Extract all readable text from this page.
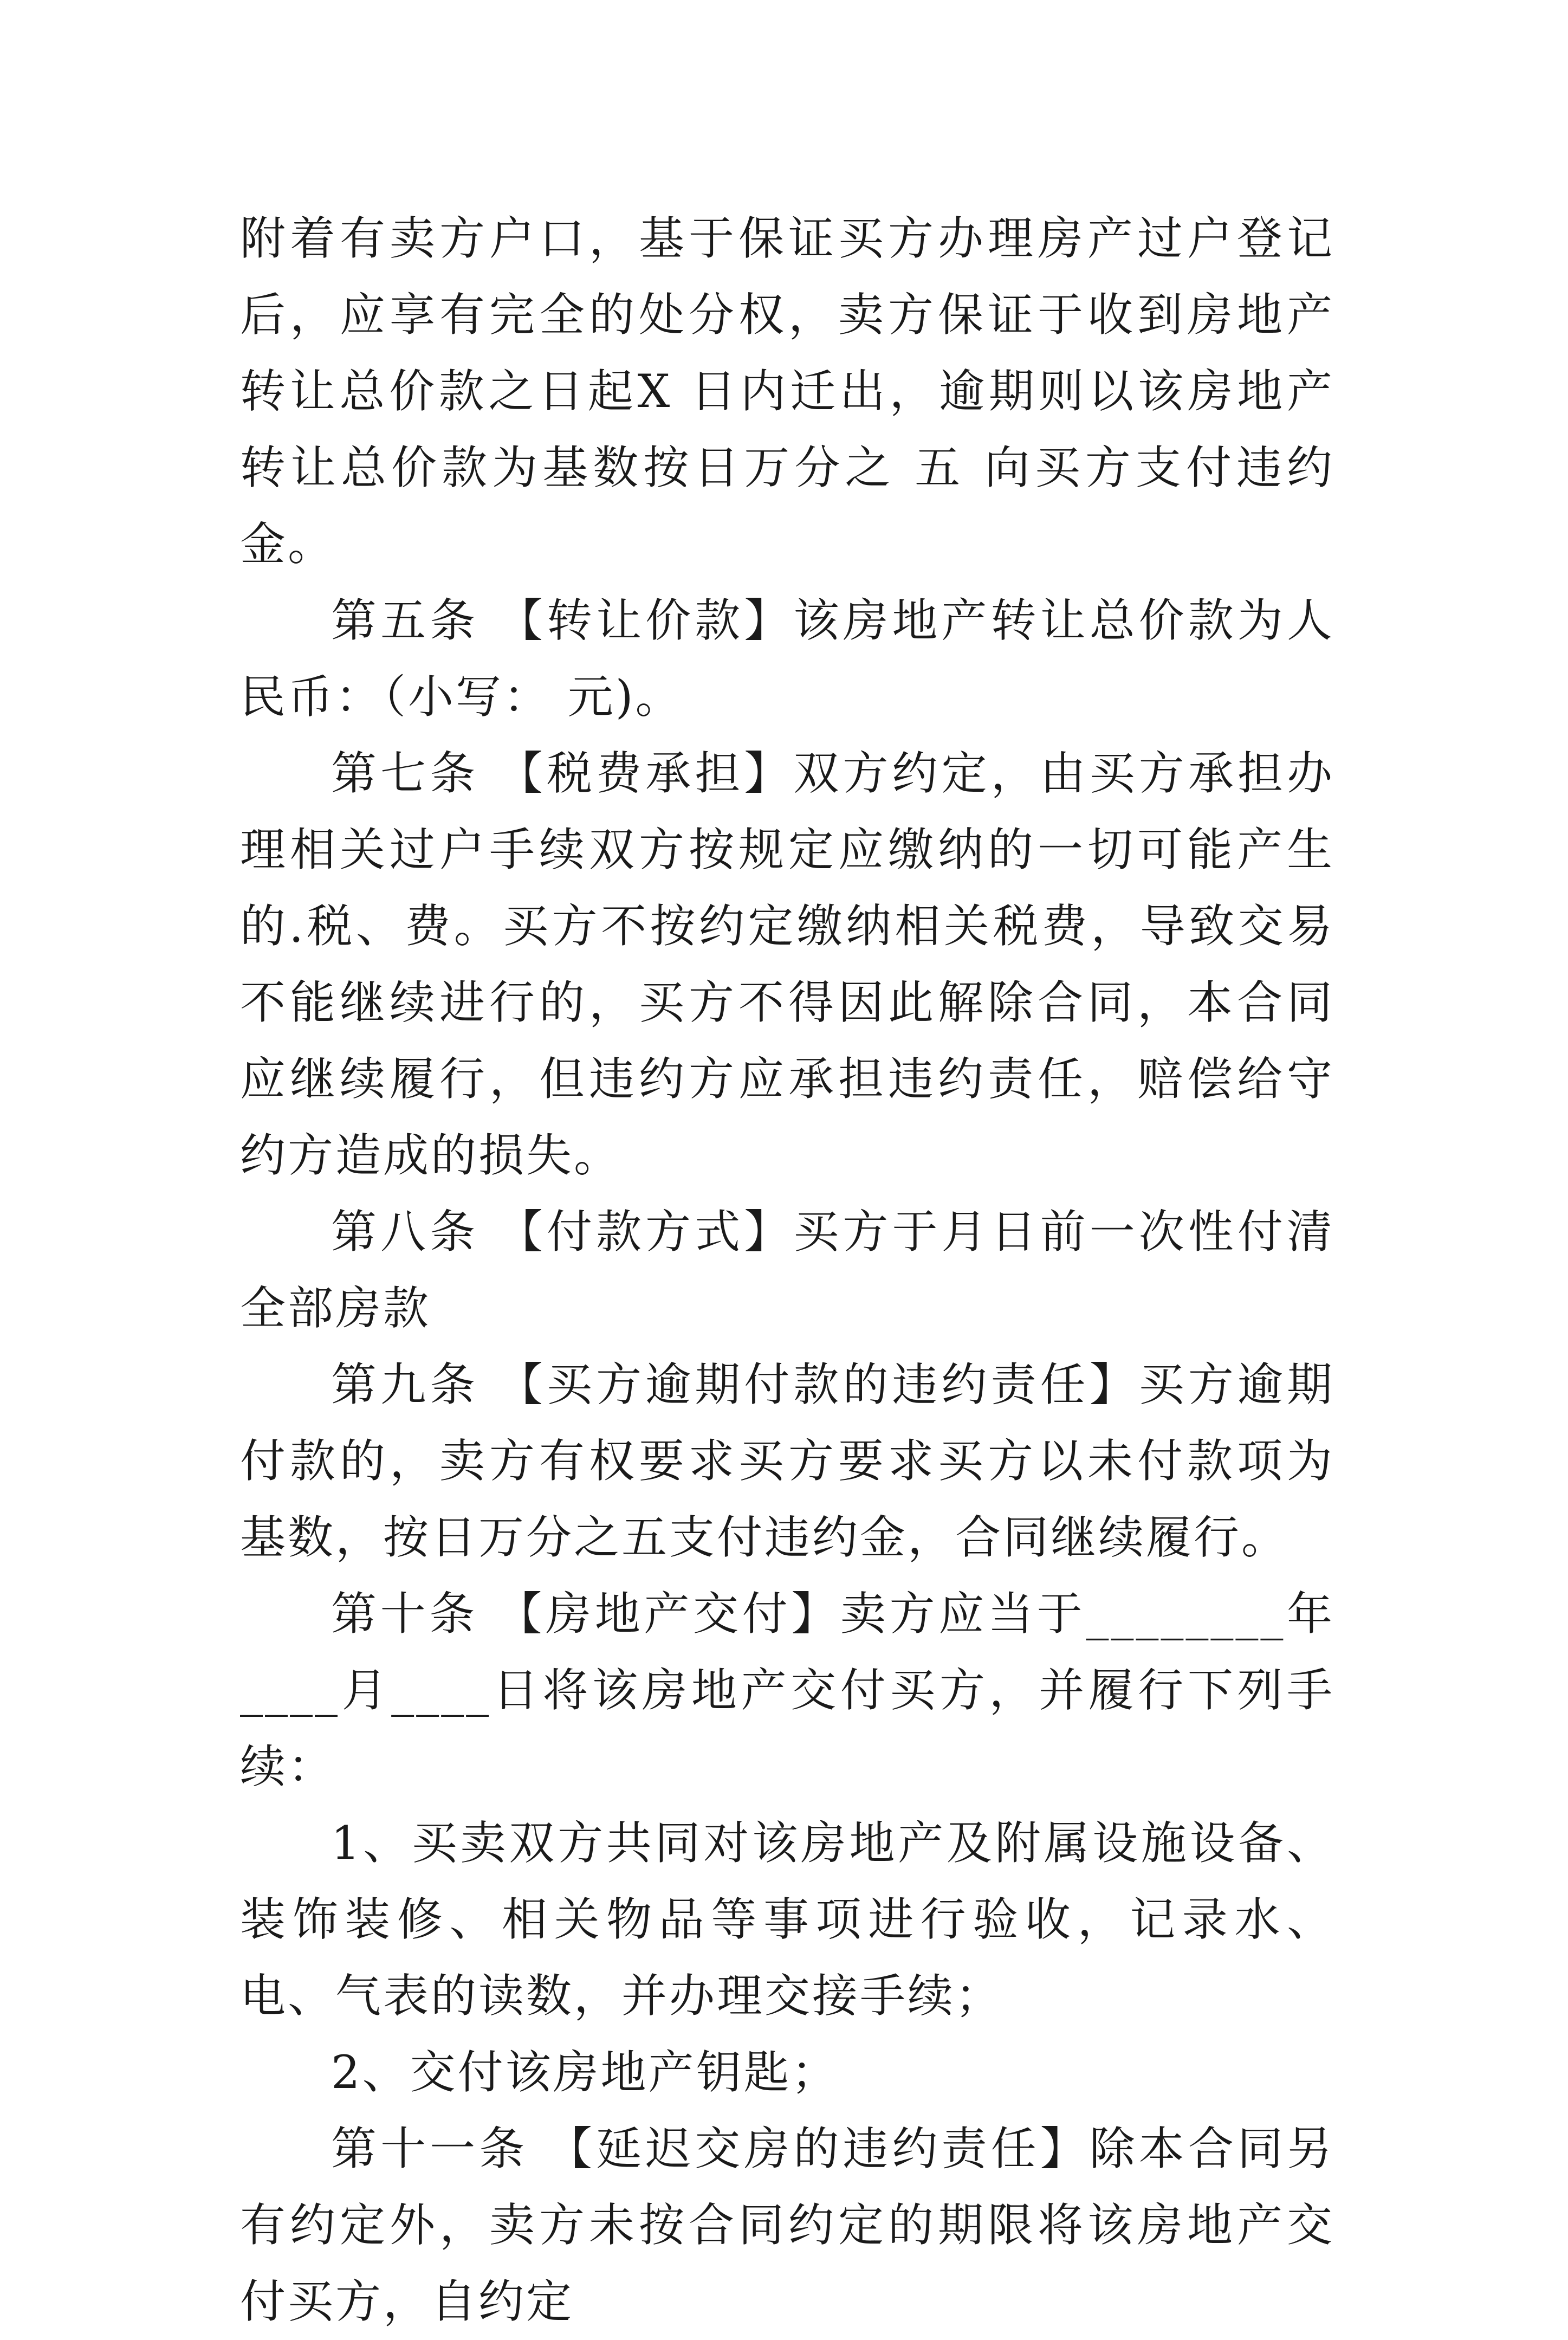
附着有卖方户口，基于保证买方办理房产过户登记后，应享有完全的处分权，卖方保证于收到房地产转让总价款之日起X 日内迁出，逾期则以该房地产转让总价款为基数按日万分之 五 向买方支付违约金。

第五条 【转让价款】该房地产转让总价款为人民币：（小写： 元)。

第七条 【税费承担】双方约定，由买方承担办理相关过户手续双方按规定应缴纳的一切可能产生的.税、费。买方不按约定缴纳相关税费，导致交易不能继续进行的，买方不得因此解除合同，本合同应继续履行，但违约方应承担违约责任，赔偿给守约方造成的损失。

第八条 【付款方式】买方于月日前一次性付清全部房款

第九条 【买方逾期付款的违约责任】买方逾期付款的，卖方有权要求买方要求买方以未付款项为基数，按日万分之五支付违约金，合同继续履行。

第十条 【房地产交付】卖方应当于________年____月____日将该房地产交付买方，并履行下列手续：

1、买卖双方共同对该房地产及附属设施设备、装饰装修、相关物品等事项进行验收，记录水、电、气表的读数，并办理交接手续；

2、交付该房地产钥匙；

第十一条 【延迟交房的违约责任】除本合同另有约定外，卖方未按合同约定的期限将该房地产交付买方，自约定
